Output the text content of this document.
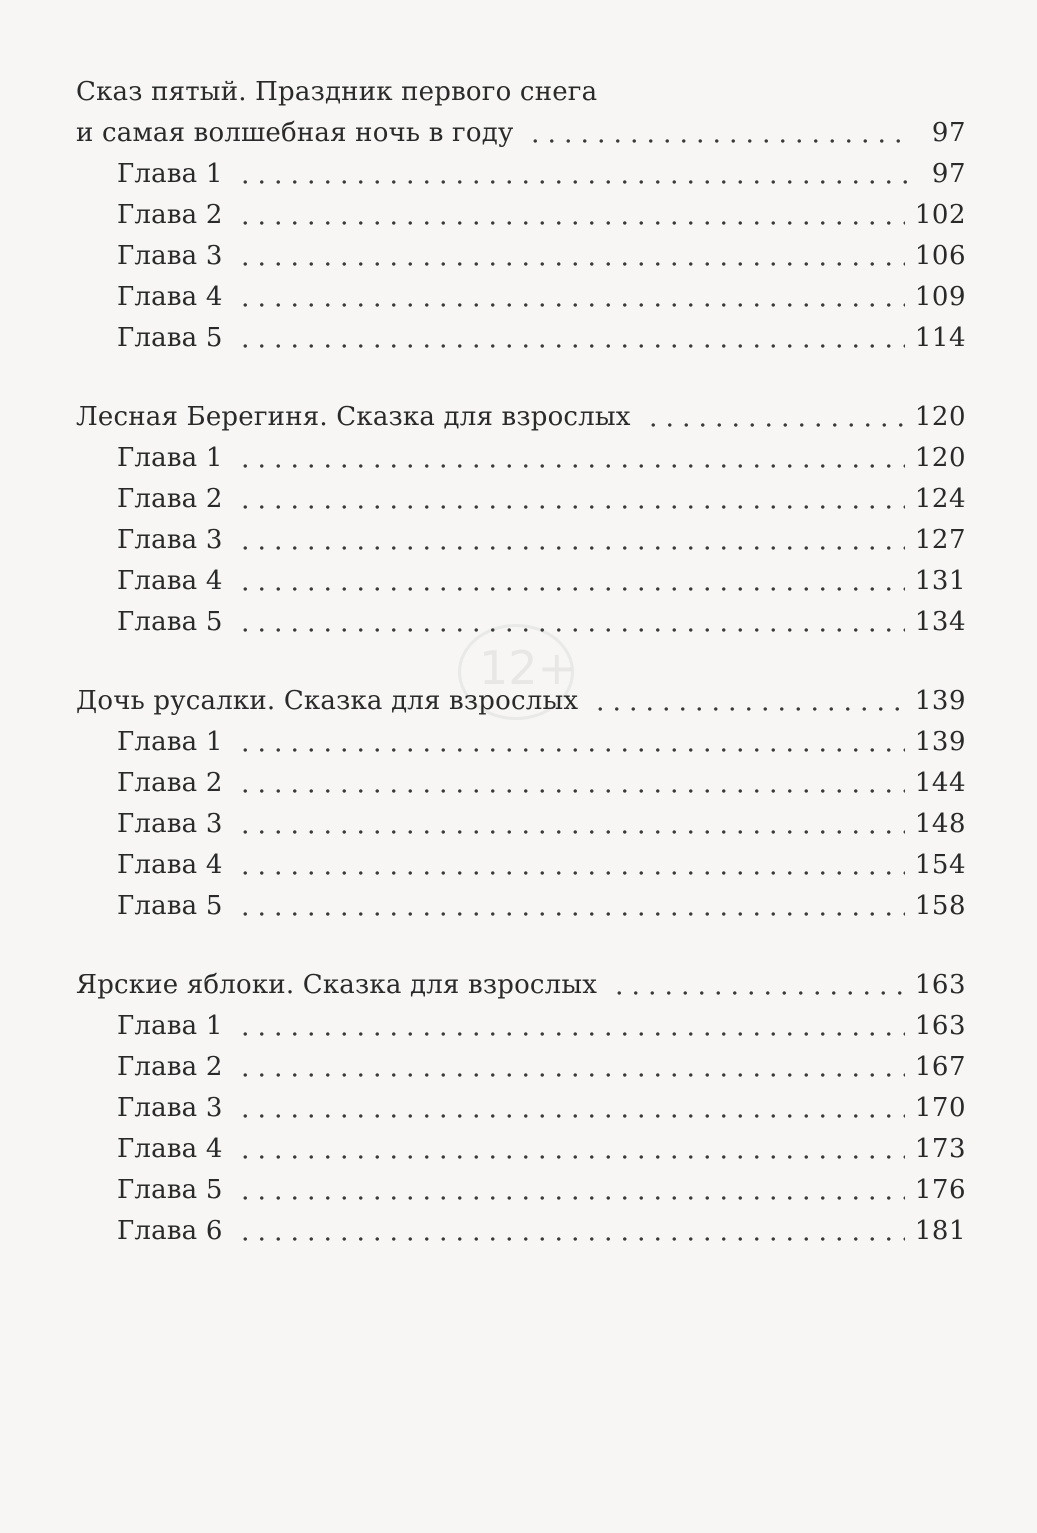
12+
Сказ пятый. Праздник первого снега
и самая волшебная ночь в году	97
Глава 1	97
Глава 2	102
Глава 3	106
Глава 4	109
Глава 5	114
Лесная Берегиня. Сказка для взрослых	120
Глава 1	120
Глава 2	124
Глава 3	127
Глава 4	131
Глава 5	134
Дочь русалки. Сказка для взрослых	139
Глава 1	139
Глава 2	144
Глава 3	148
Глава 4	154
Глава 5	158
Ярские яблоки. Сказка для взрослых	163
Глава 1	163
Глава 2	167
Глава 3	170
Глава 4	173
Глава 5	176
Глава 6	181
